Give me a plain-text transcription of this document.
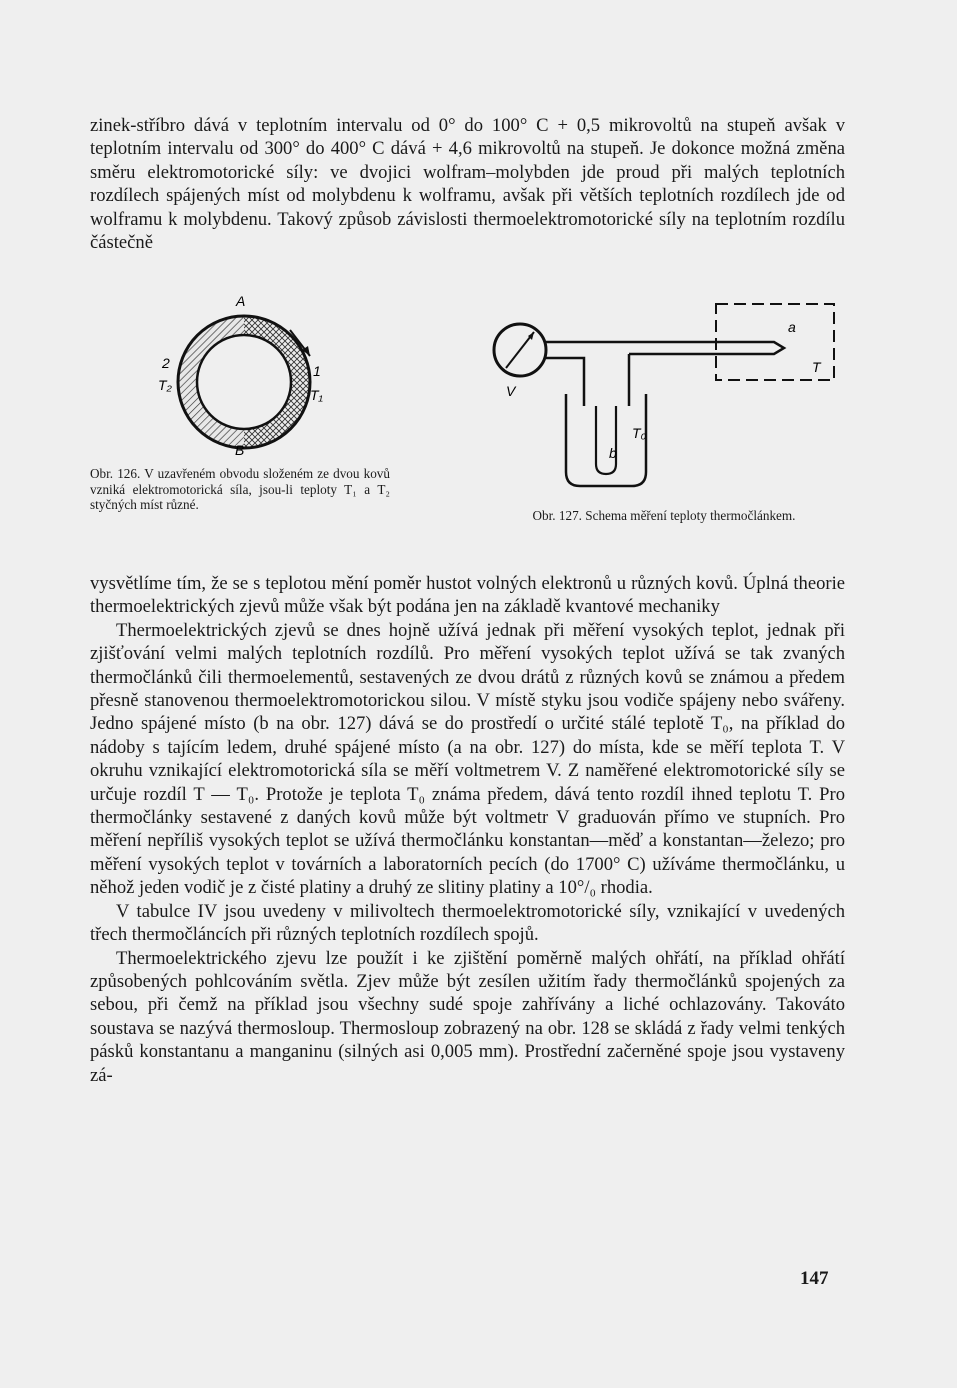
zinek-stříbro dává v teplotním intervalu od 0° do 100° C + 0,5 mikrovoltů na stupeň avšak v teplotním intervalu od 300° do 400° C dává + 4,6 mikrovoltů na stupeň. Je dokonce možná změna směru elektromotorické síly: ve dvojici wolfram–molybden jde proud při malých teplotních rozdílech spájených míst od molybdenu k wolframu, avšak při větších teplotních rozdílech jde od wolframu k molybdenu. Takový způsob závislosti thermoelektromotorické síly na teplotním rozdílu částečně

A
B
2
T₂
1
T₁

Obr. 126. V uzavřeném obvodu složeném ze dvou kovů vzniká elektromotorická síla, jsou-li teploty T₁ a T₂ styčných míst různé.

V
a
T
b
T₀

Obr. 127. Schema měření teploty thermočlánkem.

vysvětlíme tím, že se s teplotou mění poměr hustot volných elektronů u různých kovů. Úplná theorie thermoelektrických zjevů může však být podána jen na základě kvantové mechaniky

Thermoelektrických zjevů se dnes hojně užívá jednak při měření vysokých teplot, jednak při zjišťování velmi malých teplotních rozdílů. Pro měření vysokých teplot užívá se tak zvaných thermočlánků čili thermoelementů, sestavených ze dvou drátů z různých kovů se známou a předem přesně stanovenou thermoelektromotorickou silou. V místě styku jsou vodiče spájeny nebo svářeny. Jedno spájené místo (b na obr. 127) dává se do prostředí o určité stálé teplotě T₀, na příklad do nádoby s tajícím ledem, druhé spájené místo (a na obr. 127) do místa, kde se měří teplota T. V okruhu vznikající elektromotorická síla se měří voltmetrem V. Z naměřené elektromotorické síly se určuje rozdíl T — T₀. Protože je teplota T₀ známa předem, dává tento rozdíl ihned teplotu T. Pro thermočlánky sestavené z daných kovů může být voltmetr V graduován přímo ve stupních. Pro měření nepříliš vysokých teplot se užívá thermočlánku konstantan—měď a konstantan—železo; pro měření vysokých teplot v továrních a laboratorních pecích (do 1700° C) užíváme thermočlánku, u něhož jeden vodič je z čisté platiny a druhý ze slitiny platiny a 10°/₀ rhodia.

V tabulce IV jsou uvedeny v milivoltech thermoelektromotorické síly, vznikající v uvedených třech thermočláncích při různých teplotních rozdílech spojů.

Thermoelektrického zjevu lze použít i ke zjištění poměrně malých ohřátí, na příklad ohřátí způsobených pohlcováním světla. Zjev může být zesílen užitím řady thermočlánků spojených za sebou, při čemž na příklad jsou všechny sudé spoje zahřívány a liché ochlazovány. Takováto soustava se nazývá thermosloup. Thermosloup zobrazený na obr. 128 se skládá z řady velmi tenkých pásků konstantanu a manganinu (silných asi 0,005 mm). Prostřední začerněné spoje jsou vystaveny zá-

147
